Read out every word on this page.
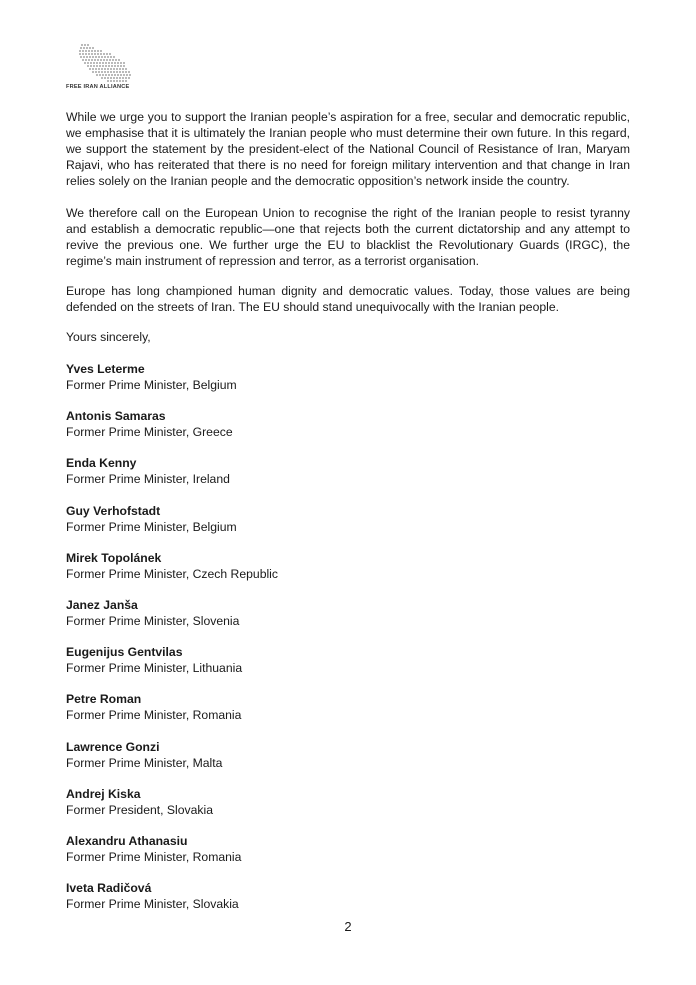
FREE IRAN ALLIANCE

While we urge you to support the Iranian people’s aspiration for a free, secular and democratic republic, we emphasise that it is ultimately the Iranian people who must determine their own future. In this regard, we support the statement by the president-elect of the National Council of Resistance of Iran, Maryam Rajavi, who has reiterated that there is no need for foreign military intervention and that change in Iran relies solely on the Iranian people and the democratic opposition’s network inside the country.

We therefore call on the European Union to recognise the right of the Iranian people to resist tyranny and establish a democratic republic—one that rejects both the current dictatorship and any attempt to revive the previous one. We further urge the EU to blacklist the Revolutionary Guards (IRGC), the regime’s main instrument of repression and terror, as a terrorist organisation.

Europe has long championed human dignity and democratic values. Today, those values are being defended on the streets of Iran. The EU should stand unequivocally with the Iranian people.

Yours sincerely,

Yves Leterme
Former Prime Minister, Belgium
Antonis Samaras
Former Prime Minister, Greece
Enda Kenny
Former Prime Minister, Ireland
Guy Verhofstadt
Former Prime Minister, Belgium
Mirek Topolánek
Former Prime Minister, Czech Republic
Janez Janša
Former Prime Minister, Slovenia
Eugenijus Gentvilas
Former Prime Minister, Lithuania
Petre Roman
Former Prime Minister, Romania
Lawrence Gonzi
Former Prime Minister, Malta
Andrej Kiska
Former President, Slovakia
Alexandru Athanasiu
Former Prime Minister, Romania
Iveta Radičová
Former Prime Minister, Slovakia
2
